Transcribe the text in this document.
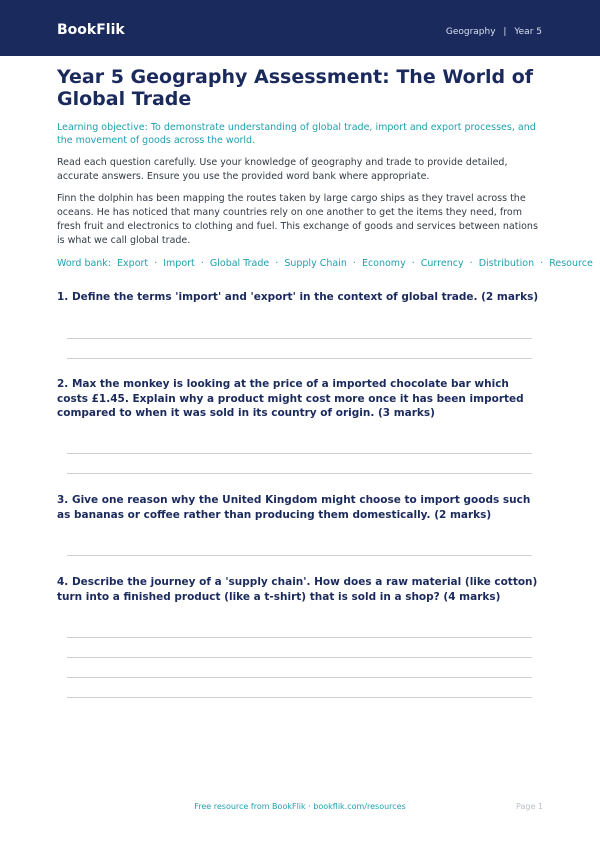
BookFlik	Geography | Year 5
Year 5 Geography Assessment: The World of Global Trade

Learning objective: To demonstrate understanding of global trade, import and export processes, and the movement of goods across the world.

Read each question carefully. Use your knowledge of geography and trade to provide detailed, accurate answers. Ensure you use the provided word bank where appropriate.

Finn the dolphin has been mapping the routes taken by large cargo ships as they travel across the oceans. He has noticed that many countries rely on one another to get the items they need, from fresh fruit and electronics to clothing and fuel. This exchange of goods and services between nations is what we call global trade.

Word bank: Export · Import · Global Trade · Supply Chain · Economy · Currency · Distribution · Resource

1. Define the terms 'import' and 'export' in the context of global trade. (2 marks)

2. Max the monkey is looking at the price of a imported chocolate bar which costs £1.45. Explain why a product might cost more once it has been imported compared to when it was sold in its country of origin. (3 marks)

3. Give one reason why the United Kingdom might choose to import goods such as bananas or coffee rather than producing them domestically. (2 marks)

4. Describe the journey of a 'supply chain'. How does a raw material (like cotton) turn into a finished product (like a t-shirt) that is sold in a shop? (4 marks)

Free resource from BookFlik · bookflik.com/resources	Page 1
